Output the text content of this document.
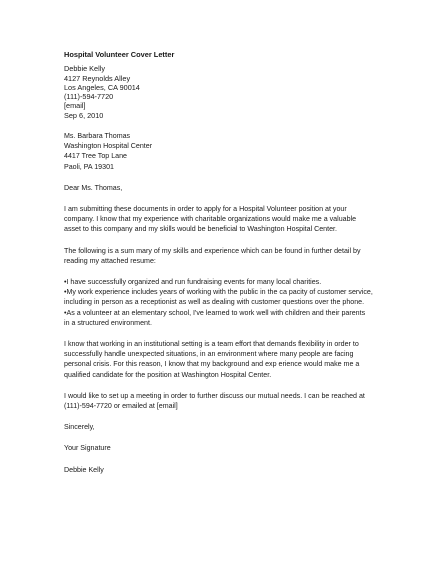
Hospital Volunteer Cover Letter
Debbie Kelly
4127 Reynolds Alley
Los Angeles, CA 90014
(111)-594-7720
[email]
Sep 6, 2010
Ms. Barbara Thomas
Washington Hospital Center
4417 Tree Top Lane
Paoli, PA 19301
Dear Ms. Thomas,
I am submitting these documents in order to apply for a Hospital Volunteer position at your
company. I know that my experience with charitable organizations would make me a valuable
asset to this company and my skills would be beneficial to Washington Hospital Center.
The following is a sum mary of my skills and experience which can be found in further detail by
reading my attached resume:
•I have successfully organized and run fundraising events for many local charities.
•My work experience includes years of working with the public in the ca pacity of customer service,
including in person as a receptionist as well as dealing with customer questions over the phone.
•As a volunteer at an elementary school, I've learned to work well with children and their parents
in a structured environment.
I know that working in an institutional setting is a team effort that demands flexibility in order to
successfully handle unexpected situations, in an environment where many people are facing
personal crisis. For this reason, I know that my background and exp erience would make me a
qualified candidate for the position at Washington Hospital Center.
I would like to set up a meeting in order to further discuss our mutual needs. I can be reached at
(111)-594-7720 or emailed at [email]
Sincerely,
Your Signature
Debbie Kelly
